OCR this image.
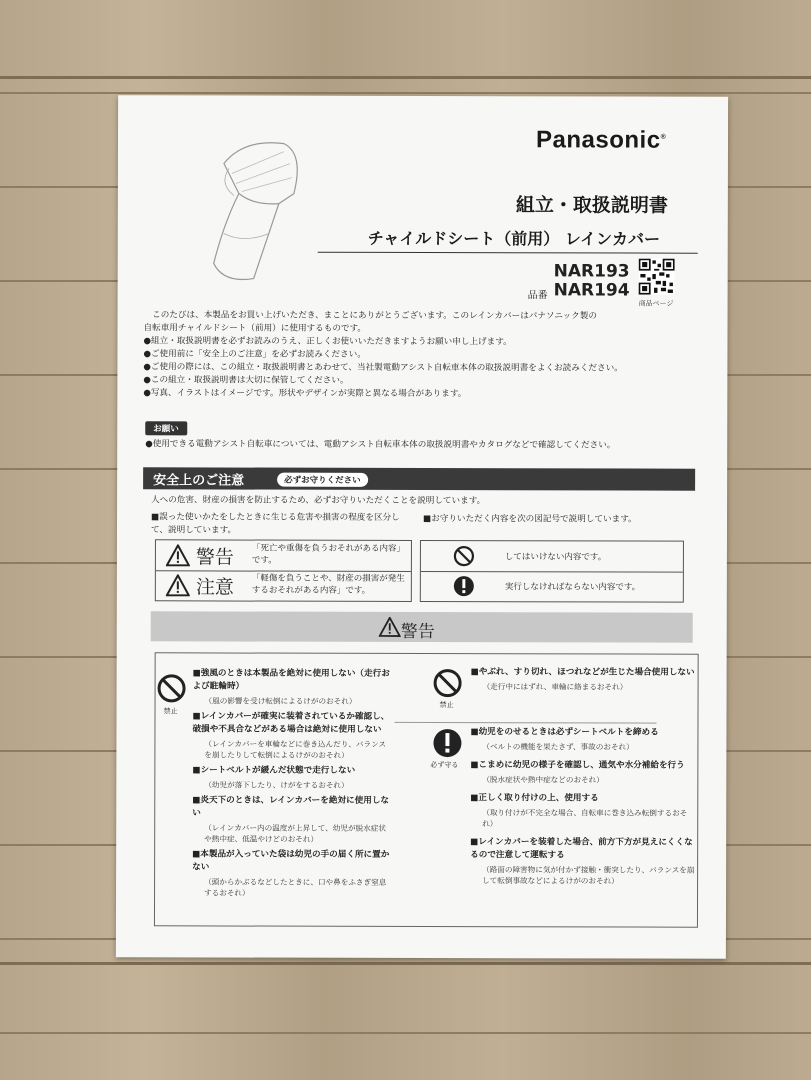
Panasonic®
組立・取扱説明書
チャイルドシート（前用） レインカバー
NAR193
品番 NAR194
商品ページ

　このたびは、本製品をお買い上げいただき、まことにありがとうございます。このレインカバーはパナソニック製の

自転車用チャイルドシート（前用）に使用するものです。

●組立・取扱説明書を必ずお読みのうえ、正しくお使いいただきますようお願い申し上げます。

●ご使用前に「安全上のご注意」を必ずお読みください。

●ご使用の際には、この組立・取扱説明書とあわせて、当社製電動アシスト自転車本体の取扱説明書をよくお読みください。

●この組立・取扱説明書は大切に保管してください。

●写真、イラストはイメージです。形状やデザインが実際と異なる場合があります。

お願い
●使用できる電動アシスト自転車については、電動アシスト自転車本体の取扱説明書やカタログなどで確認してください。
安全上のご注意	必ずお守りください
人への危害、財産の損害を防止するため、必ずお守りいただくことを説明しています。
■誤った使いかたをしたときに生じる危害や損害の程度を区分して、説明しています。
■お守りいただく内容を次の図記号で説明しています。
警告 「死亡や重傷を負うおそれがある内容」です。
注意 「軽傷を負うことや、財産の損害が発生するおそれがある内容」です。
してはいけない内容です。
実行しなければならない内容です。
警告
禁止

■強風のときは本製品を絶対に使用しない（走行および駐輪時）

（風の影響を受け転倒によるけがのおそれ）

■レインカバーが確実に装着されているか確認し、破損や不具合などがある場合は絶対に使用しない

（レインカバーを車輪などに巻き込んだり、バランスを崩したりして転倒によるけがのおそれ）

■シートベルトが緩んだ状態で走行しない

（幼児が落下したり、けがをするおそれ）

■炎天下のときは、レインカバーを絶対に使用しない

（レインカバー内の温度が上昇して、幼児が脱水症状や熱中症、低温やけどのおそれ）

■本製品が入っていた袋は幼児の手の届く所に置かない

（頭からかぶるなどしたときに、口や鼻をふさぎ窒息するおそれ）

禁止

■やぶれ、すり切れ、ほつれなどが生じた場合使用しない

（走行中にはずれ、車輪に絡まるおそれ）

必ず守る

■幼児をのせるときは必ずシートベルトを締める

（ベルトの機能を果たさず、事故のおそれ）

■こまめに幼児の様子を確認し、通気や水分補給を行う

（脱水症状や熱中症などのおそれ）

■正しく取り付けの上、使用する

（取り付けが不完全な場合、自転車に巻き込み転倒するおそれ）

■レインカバーを装着した場合、前方下方が見えにくくなるので注意して運転する

（路面の障害物に気が付かず接触・衝突したり、バランスを崩して転倒事故などによるけがのおそれ）
